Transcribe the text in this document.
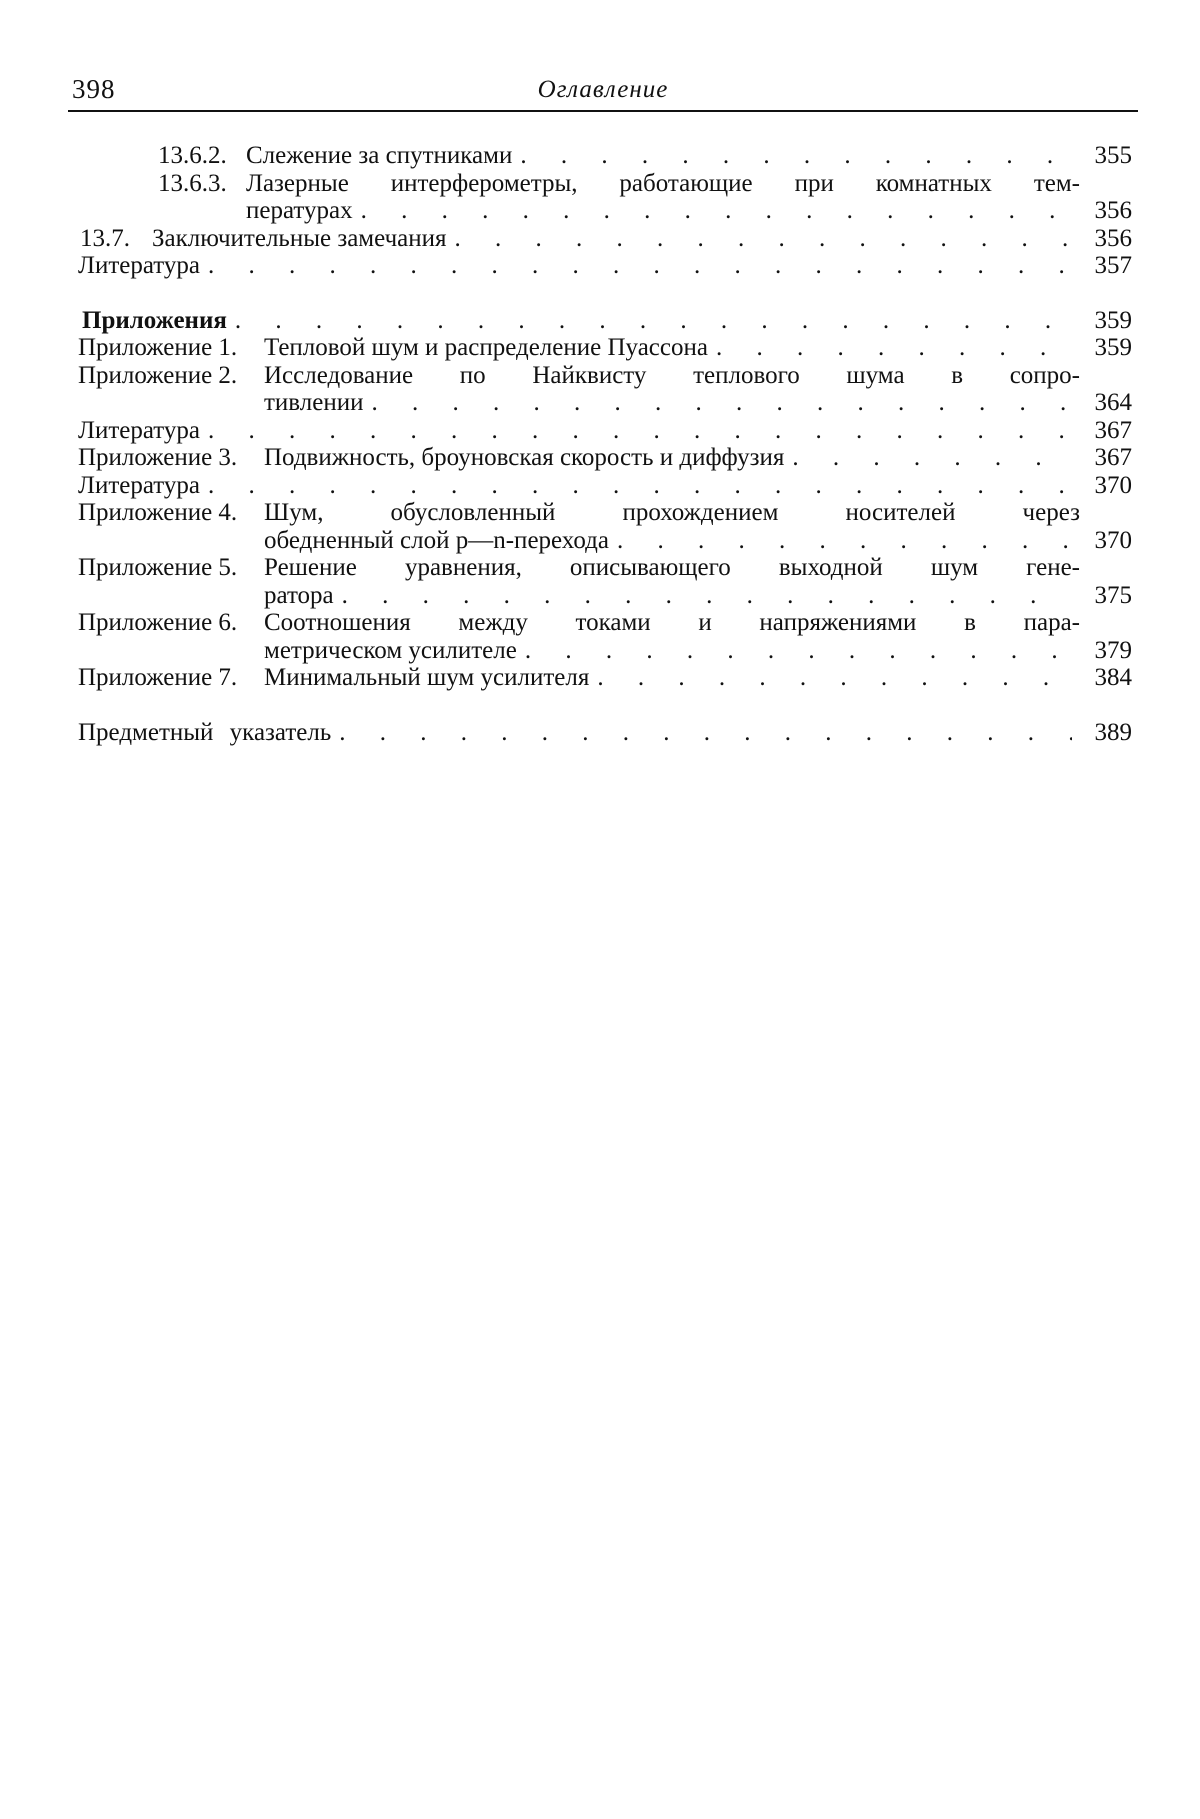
398	Оглавление
13.6.2. Слежение за спутниками . . .	355
13.6.3. Лазерные интерферометры, работающие при комнатных тем-
пературах . . .	356
13.7. Заключительные замечания . . .	356
Литература . . .	357
Приложения . . .	359
Приложение 1.	Тепловой шум и распределение Пуассона . . .	359
Приложение 2.	Исследование по Найквисту теплового шума в сопро-
тивлении . . .	364
Литература . . .	367
Приложение 3.	Подвижность, броуновская скорость и диффузия . . .	367
Литература . . .	370
Приложение 4.	Шум, обусловленный прохождением носителей через
обедненный слой p—n-перехода . . .	370
Приложение 5.	Решение уравнения, описывающего выходной шум гене-
ратора . . .	375
Приложение 6.	Соотношения между токами и напряжениями в пара-
метрическом усилителе . . .	379
Приложение 7.	Минимальный шум усилителя . . .	384
Предметный указатель . . .	389
